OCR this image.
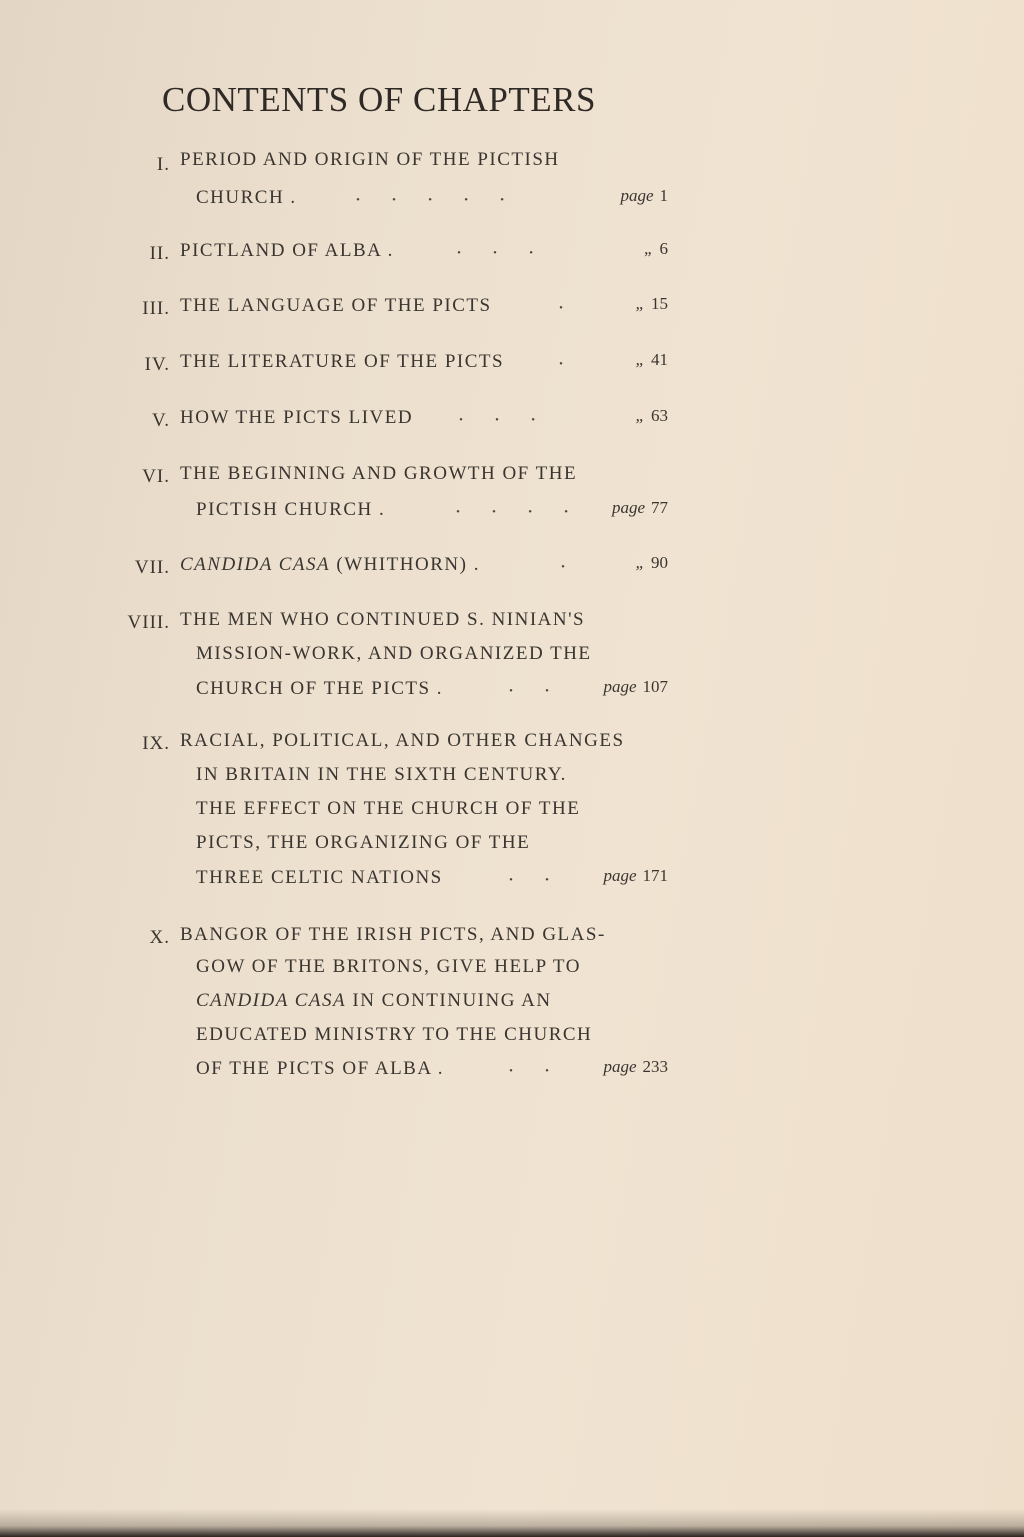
CONTENTS OF CHAPTERS
I. PERIOD AND ORIGIN OF THE PICTISH
CHURCH .	·····	page 1
II. PICTLAND OF ALBA .	···	„ 6
III. THE LANGUAGE OF THE PICTS	·	„ 15
IV. THE LITERATURE OF THE PICTS	·	„ 41
V. HOW THE PICTS LIVED ···	„ 63
VI. THE BEGINNING AND GROWTH OF THE
PICTISH CHURCH .	···· page 77
VII. CANDIDA CASA (WHITHORN) .	·	„ 90
VIII. THE MEN WHO CONTINUED S. NINIAN'S
MISSION-WORK, AND ORGANIZED THE
CHURCH OF THE PICTS .	··	page 107
IX. RACIAL, POLITICAL, AND OTHER CHANGES
IN BRITAIN IN THE SIXTH CENTURY.
THE EFFECT ON THE CHURCH OF THE
PICTS, THE ORGANIZING OF THE
THREE CELTIC NATIONS	··	page 171
X. BANGOR OF THE IRISH PICTS, AND GLAS-
GOW OF THE BRITONS, GIVE HELP TO
CANDIDA CASA IN CONTINUING AN
EDUCATED MINISTRY TO THE CHURCH
OF THE PICTS OF ALBA .	··	page 233
